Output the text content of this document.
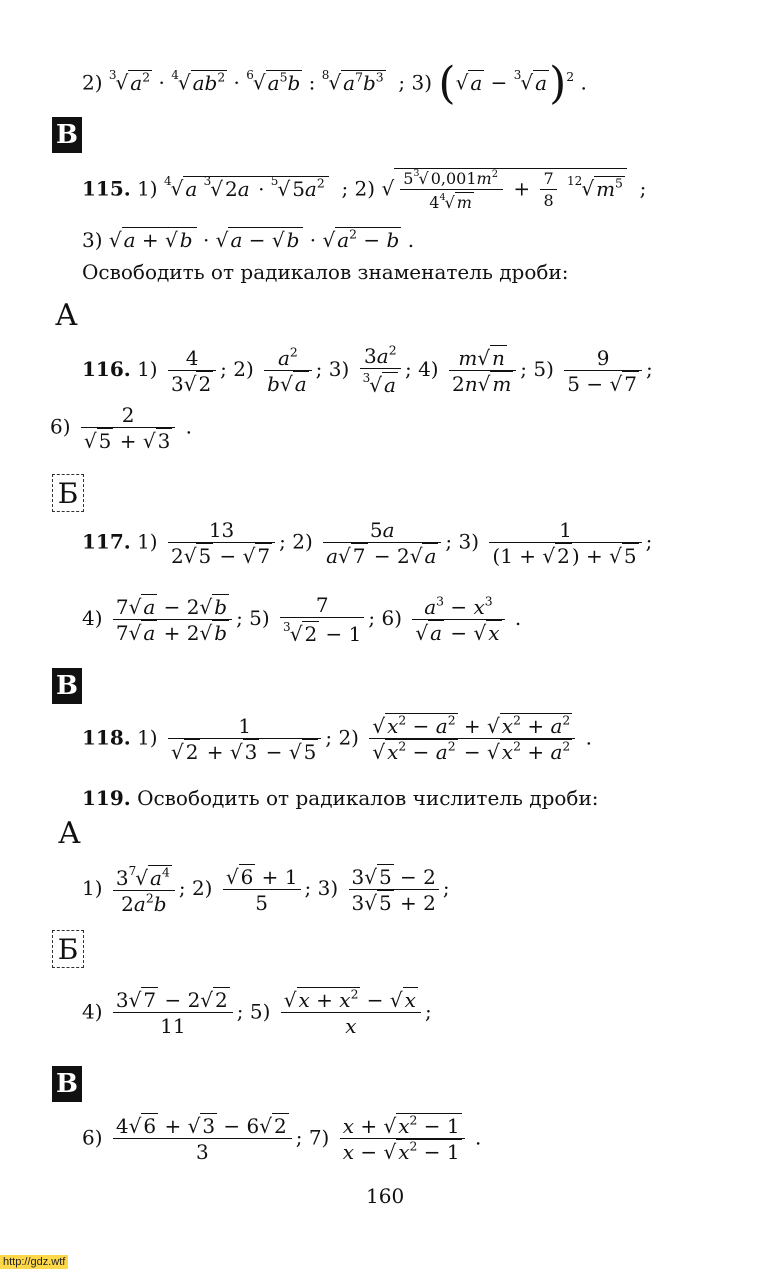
2) $^3$√ $a^2 \cdot ^4√$ $ab^2 \cdot ^6√$ $a^5b$ : $^8$√ $a^7b^3$  ; 3) (√ a − $^3$√ a)$^2$ .
В
115. 1) $^4$√ a $^3$√ 2a · $^5$√ $5a^2$  ; 2) √ $\frac{5^3√ 0,001m^2}{4^4√ m} + \frac{7}{8} ^{12}√$ $m^5$  ;
3) √ a + √ b · √ a − √ b · √ $a^2 - b$ .
Освободить от радикалов знаменатель дроби:
А
116. $1) \frac{4}{3√ 2}$ ; $2) \frac{a^2}{b√ a}$ ; $3) \frac{3a^2}{^3√ a}$ ; $4) \frac{m√ n}{2n√ m}$ ; $5) \frac{9}{5 - √ 7}$ ;
$6) \frac{2}{√ 5 + √ 3}$ .
Б
117. $1) \frac{13}{2√ 5 - √ 7}$ ; $2) \frac{5a}{a√ 7 - 2√ a}$ ; $3) \frac{1}{(1 + √ 2 ) + √ 5}$ ;
$4) \frac{7√ a - 2√ b}{7√ a + 2√ b}$ ; $5) \frac{7}{^3√ 2 - 1}$ ; $6) \frac{a^3 - x^3}{√ a - √ x}$ .
В
118. $1) \frac{1}{√ 2 + √ 3 - √ 5}$ ; $2) \frac{√ x^2 - a^2 + √ x^2 + a^2}{√ x^2 - a^2 - √ x^2 + a^2}$ .
119. Освободить от радикалов числитель дроби:
А
$1) \frac{3^7√ a^4}{2a^2b}$ ; $2) \frac{√ 6 + 1}{5}$ ; $3) \frac{3√ 5 - 2}{3√ 5 + 2}$ ;
Б
$4) \frac{3√ 7 - 2√ 2}{11}$ ; $5) \frac{√ x + x^2 - √ x}{x}$ ;
В
$6) \frac{4√ 6 + √ 3 - 6√ 2}{3}$ ; $7) \frac{x + √ x^2 - 1}{x - √ x^2 - 1}$ .
160
http://gdz.wtf
